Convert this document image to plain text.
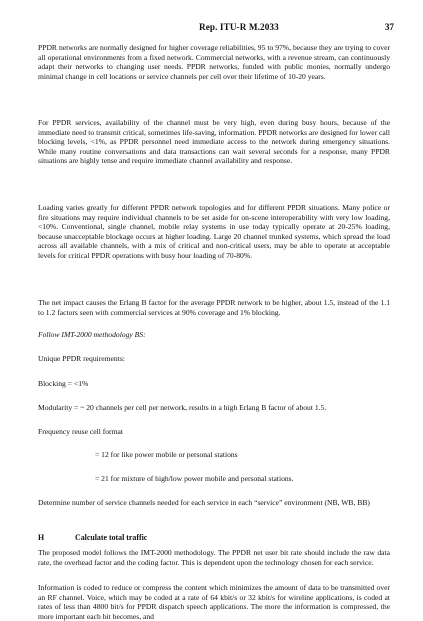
Rep. ITU-R M.2033	37

PPDR networks are normally designed for higher coverage reliabilities, 95 to 97%, because they are trying to cover all operational environments from a fixed network. Commercial networks, with a revenue stream, can continuously adapt their networks to changing user needs. PPDR networks, funded with public monies, normally undergo minimal change in cell locations or service channels per cell over their lifetime of 10-20 years.

For PPDR services, availability of the channel must be very high, even during busy hours, because of the immediate need to transmit critical, sometimes life-saving, information. PPDR networks are designed for lower call blocking levels, <1%, as PPDR personnel need immediate access to the network during emergency situations. While many routine conversations and data transactions can wait several seconds for a response, many PPDR situations are highly tense and require immediate channel availability and response.

Loading varies greatly for different PPDR network topologies and for different PPDR situations. Many police or fire situations may require individual channels to be set aside for on-scene interoperability with very low loading, <10%. Conventional, single channel, mobile relay systems in use today typically operate at 20-25% loading, because unacceptable blockage occurs at higher loading. Large 20 channel trunked systems, which spread the load across all available channels, with a mix of critical and non-critical users, may be able to operate at acceptable levels for critical PPDR operations with busy hour loading of 70-80%.

The net impact causes the Erlang B factor for the average PPDR network to be higher, about 1.5, instead of the 1.1 to 1.2 factors seen with commercial services at 90% coverage and 1% blocking.

Follow IMT-2000 methodology BS:

Unique PPDR requirements:

Blocking = <1%

Modularity = ~ 20 channels per cell per network, results in a high Erlang B factor of about 1.5.

Frequency reuse cell format

= 12 for like power mobile or personal stations

= 21 for mixture of high/low power mobile and personal stations.

Determine number of service channels needed for each service in each “service” environment (NB, WB, BB)

H	Calculate total traffic

The proposed model follows the IMT-2000 methodology. The PPDR net user bit rate should include the raw data rate, the overhead factor and the coding factor. This is dependent upon the technology chosen for each service.

Information is coded to reduce or compress the content which minimizes the amount of data to be transmitted over an RF channel. Voice, which may be coded at a rate of 64 kbit/s or 32 kbit/s for wireline applications, is coded at rates of less than 4800 bit/s for PPDR dispatch speech applications. The more the information is compressed, the more important each bit becomes, and
